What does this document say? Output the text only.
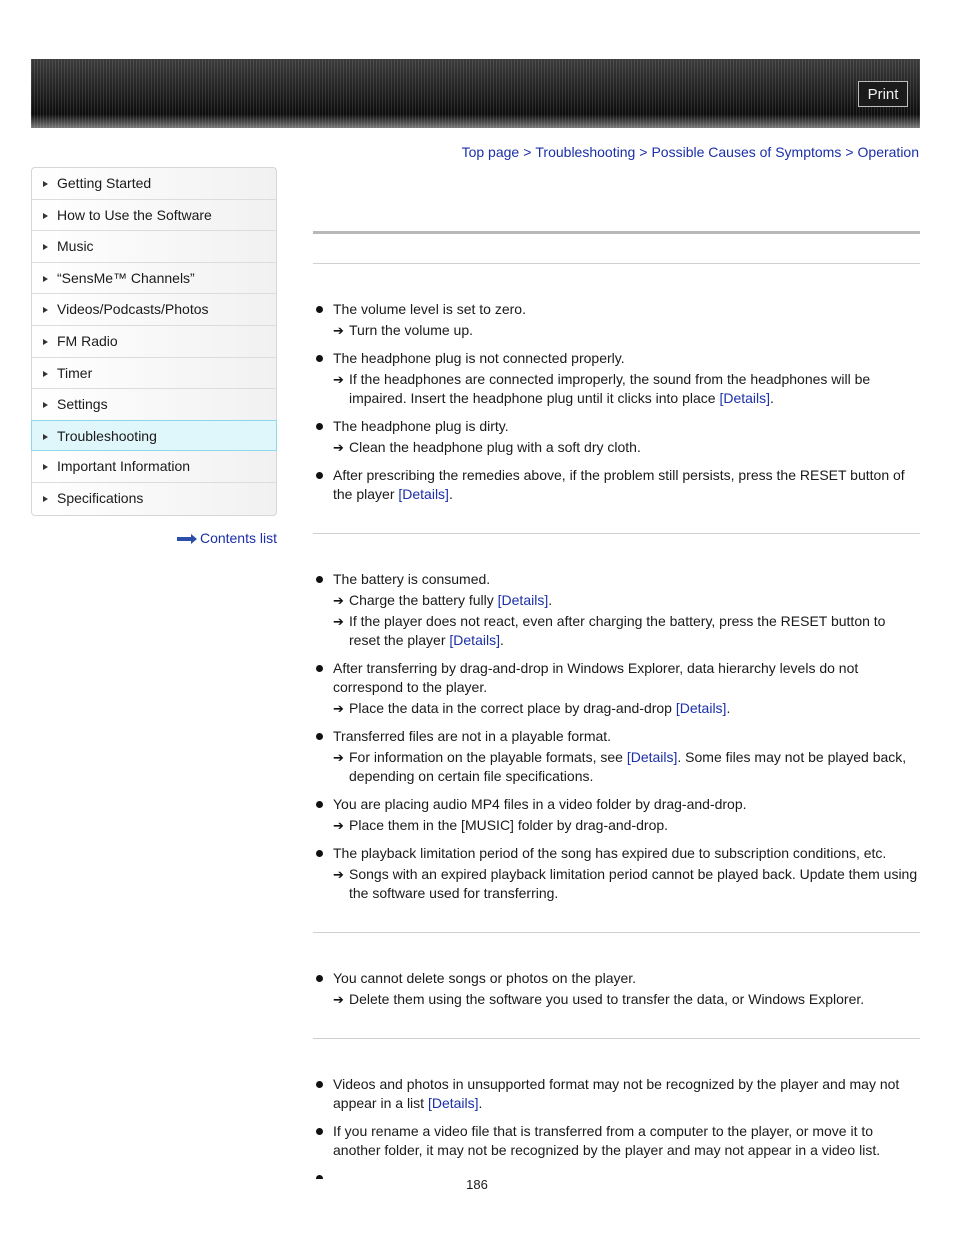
Print
Top page > Troubleshooting > Possible Causes of Symptoms > Operation
Getting Started
How to Use the Software
Music
“SensMe™ Channels”
Videos/Podcasts/Photos
FM Radio
Timer
Settings
Troubleshooting
Important Information
Specifications
Contents list
The volume level is set to zero.
➔ Turn the volume up.
The headphone plug is not connected properly.
➔ If the headphones are connected improperly, the sound from the headphones will be impaired. Insert the headphone plug until it clicks into place [Details].
The headphone plug is dirty.
➔ Clean the headphone plug with a soft dry cloth.
After prescribing the remedies above, if the problem still persists, press the RESET button of the player [Details].
The battery is consumed.
➔ Charge the battery fully [Details].
➔ If the player does not react, even after charging the battery, press the RESET button to reset the player [Details].
After transferring by drag-and-drop in Windows Explorer, data hierarchy levels do not correspond to the player.
➔ Place the data in the correct place by drag-and-drop [Details].
Transferred files are not in a playable format.
➔ For information on the playable formats, see [Details]. Some files may not be played back, depending on certain file specifications.
You are placing audio MP4 files in a video folder by drag-and-drop.
➔ Place them in the [MUSIC] folder by drag-and-drop.
The playback limitation period of the song has expired due to subscription conditions, etc.
➔ Songs with an expired playback limitation period cannot be played back. Update them using the software used for transferring.
You cannot delete songs or photos on the player.
➔ Delete them using the software you used to transfer the data, or Windows Explorer.
Videos and photos in unsupported format may not be recognized by the player and may not appear in a list [Details].
If you rename a video file that is transferred from a computer to the player, or move it to another folder, it may not be recognized by the player and may not appear in a video list.
186
